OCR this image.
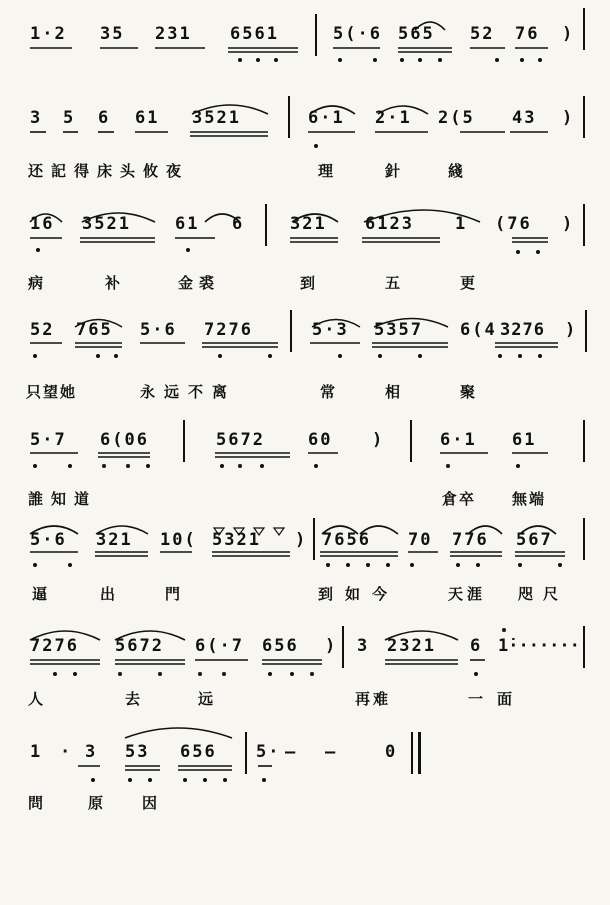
1·2 35 231 6561	5(·6 565 52 76 )
3 5 6 61 3521	6·1 2·1 2(5 43 )
还記得床头攸夜	理	針	綫
16 3521	61 6	321 6123 1 (76 )
病	补	金裘	到	五	更
52 765 5·6 7276	5·3 5357 6(4 3276 )
只望她	永远不离	常	相	聚
5·7 6(06	5672	60 )	6·1 61
誰知道	倉卒 無端
5·6 321 10( 5321 ) 7656 70 776 567
逼	出	門	到如今	天涯 咫尺
7276 5672 6(·7 656 ) 3 2321 6 1̇·······
人	去	远	再难	一面
1 · 3 53 656 5· — —	0
問	原 因
